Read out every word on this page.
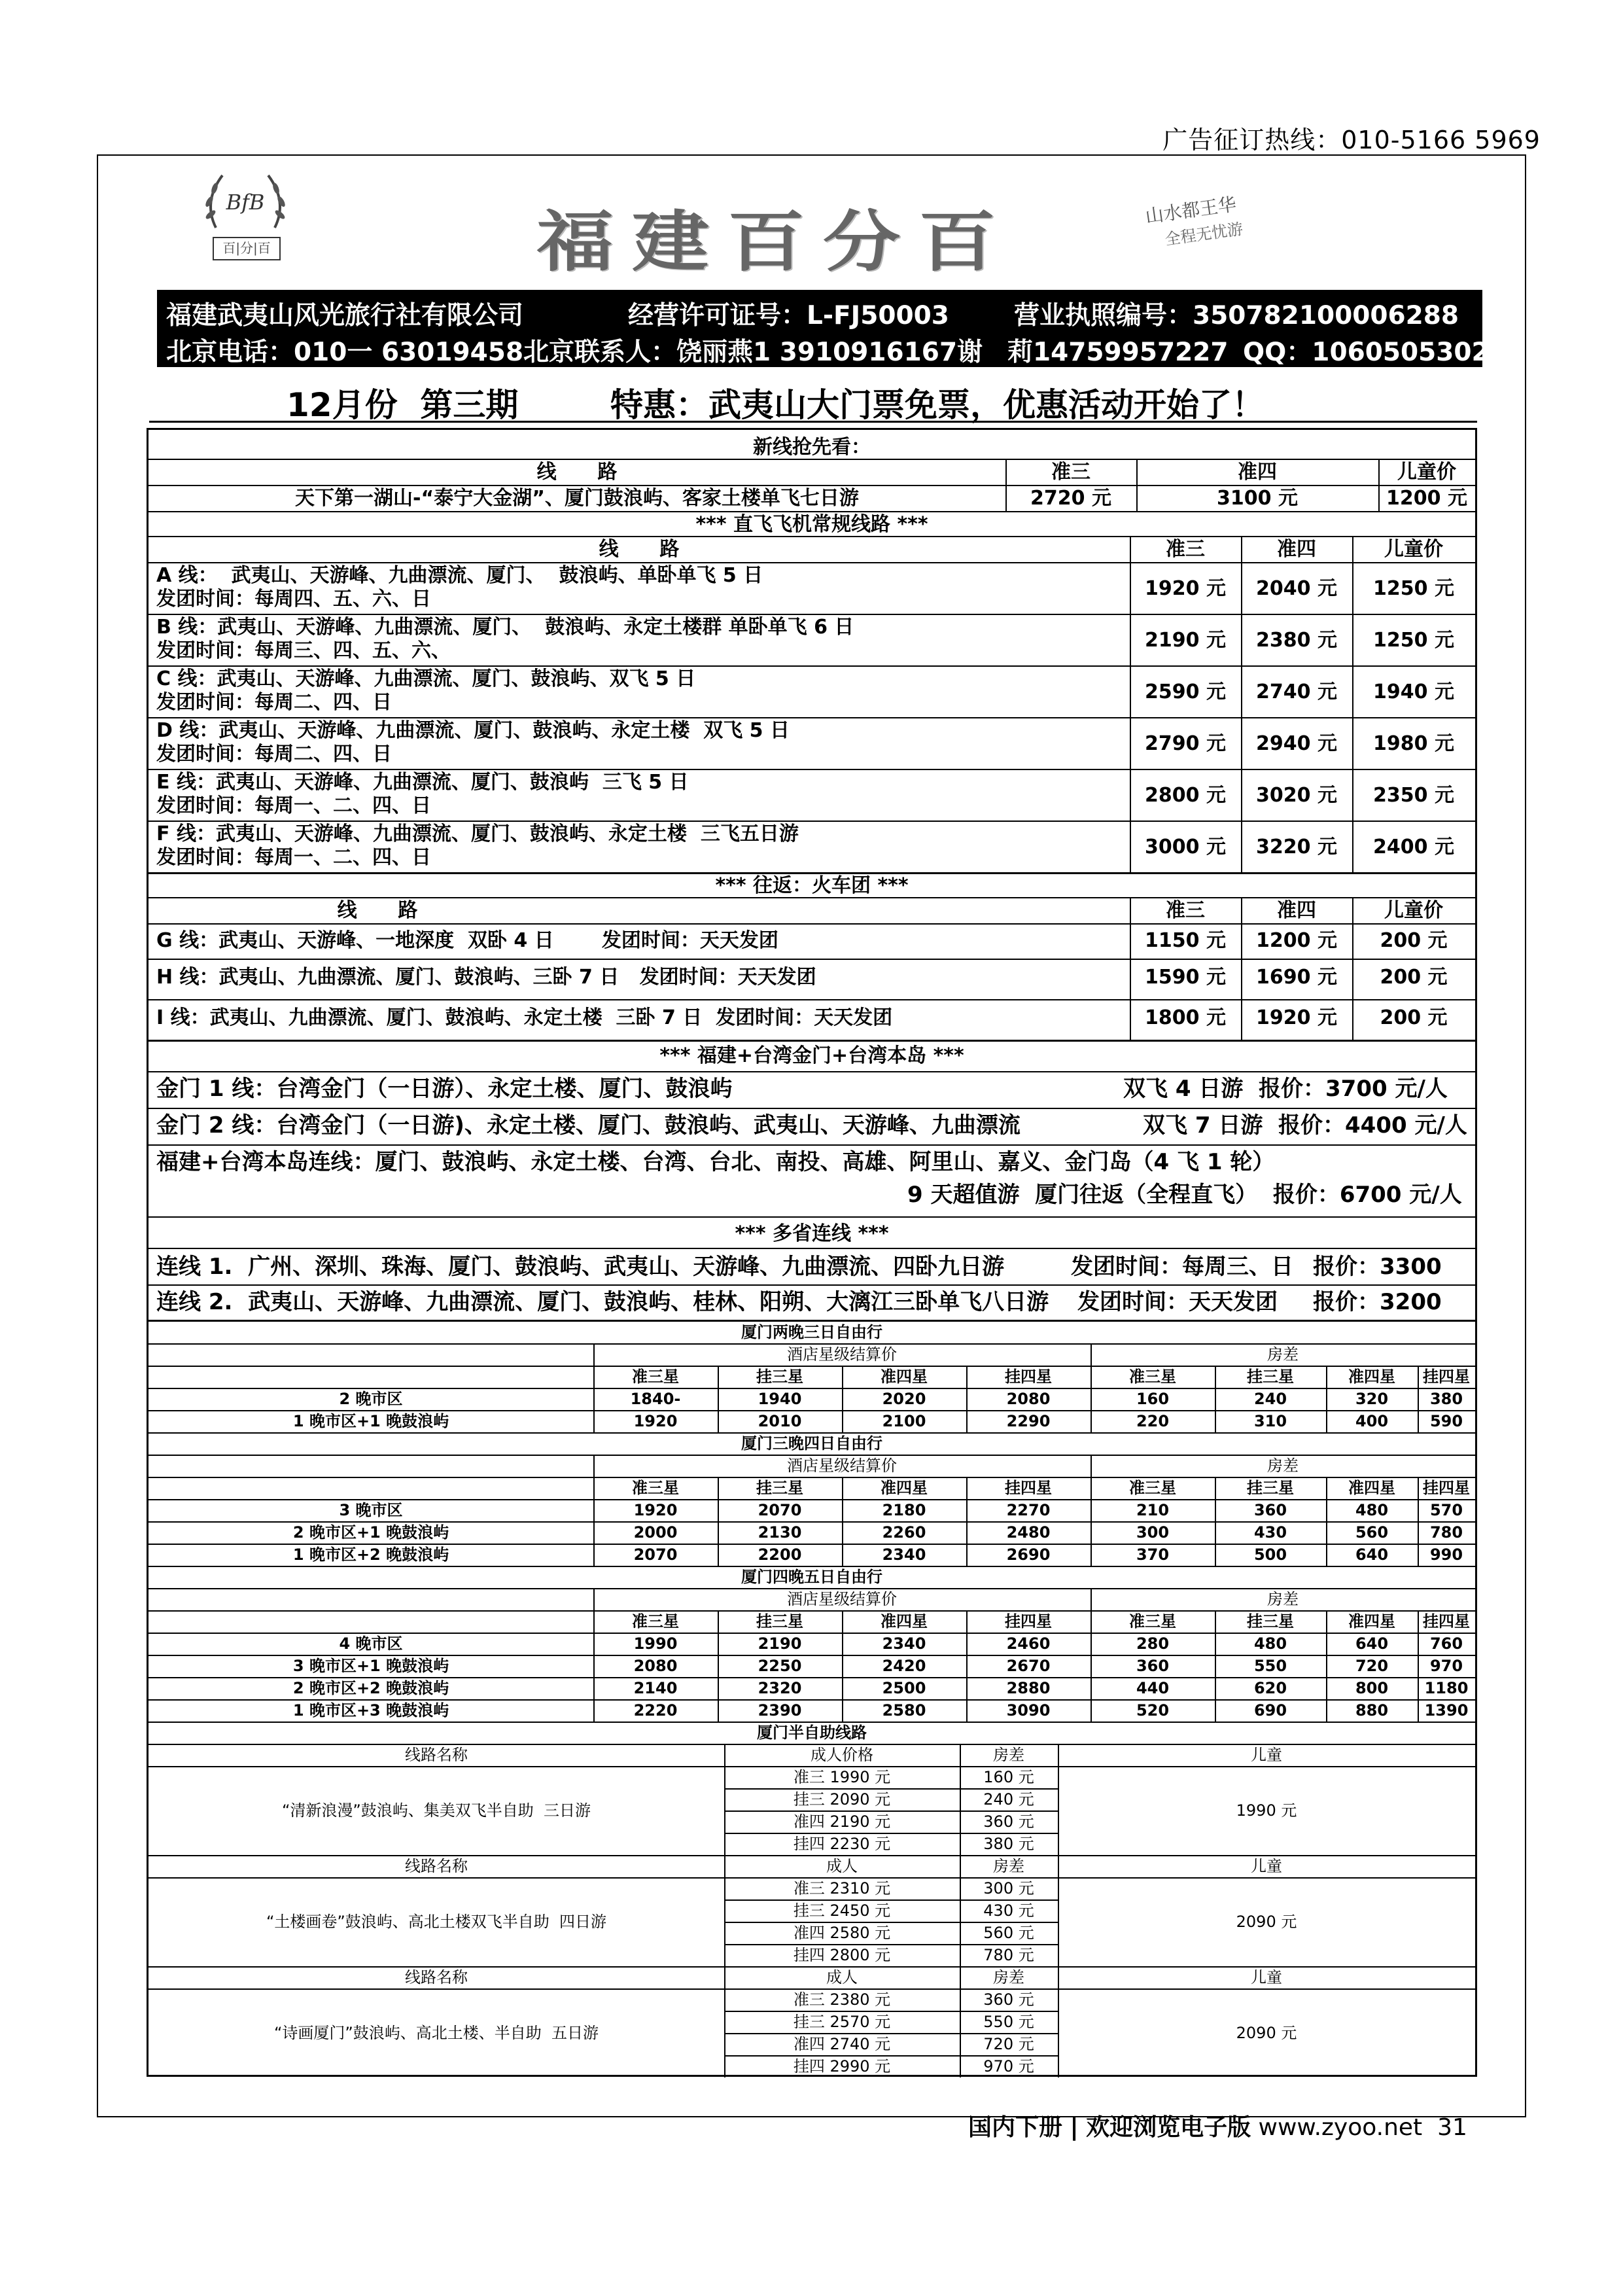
广告征订热线：010-5166 5969
BfB
百|分|百	福建百分百	山水都王华
全程无忧游
福建武夷山风光旅行社有限公司	经营许可证号：L-FJ50003	营业执照编号：350782100006288
北京电话：010一 63019458 北京联系人：饶丽燕1 3910916167谢 莉14759957227 QQ：1060505302

12月份  第三期

	特惠：武夷山大门票免票，优惠活动开始了！

新线抢先看：
线      路	准三	准四	儿童价
天下第一湖山-“泰宁大金湖”、厦门鼓浪屿、客家土楼单飞七日游	2720 元	3100 元	1200 元
*** 直飞飞机常规线路 ***
线      路	准三	准四	儿童价
A 线：  武夷山、天游峰、九曲漂流、厦门、  鼓浪屿、单卧单飞 5 日
发团时间：每周四、五、六、日	1920 元	2040 元	1250 元
B 线：武夷山、天游峰、九曲漂流、厦门、  鼓浪屿、永定土楼群 单卧单飞 6 日
发团时间：每周三、四、五、六、	2190 元	2380 元	1250 元
C 线：武夷山、天游峰、九曲漂流、厦门、鼓浪屿、双飞 5 日
发团时间：每周二、四、日	2590 元	2740 元	1940 元
D 线：武夷山、天游峰、九曲漂流、厦门、鼓浪屿、永定土楼  双飞 5 日
发团时间：每周二、四、日	2790 元	2940 元	1980 元
E 线：武夷山、天游峰、九曲漂流、厦门、鼓浪屿  三飞 5 日
发团时间：每周一、二、四、日	2800 元	3020 元	2350 元
F 线：武夷山、天游峰、九曲漂流、厦门、鼓浪屿、永定土楼  三飞五日游
发团时间：每周一、二、四、日	3000 元	3220 元	2400 元
*** 往返：火车团 ***
线      路	准三	准四	儿童价
G 线：武夷山、天游峰、一地深度  双卧 4 日       发团时间：天天发团	1150 元	1200 元	200 元
H 线：武夷山、九曲漂流、厦门、鼓浪屿、三卧 7 日   发团时间：天天发团	1590 元	1690 元	200 元
I 线：武夷山、九曲漂流、厦门、鼓浪屿、永定土楼  三卧 7 日  发团时间：天天发团	1800 元	1920 元	200 元
*** 福建+台湾金门+台湾本岛 ***
金门 1 线：台湾金门（一日游）、永定土楼、厦门、鼓浪屿	双飞 4 日游  报价：3700 元/人
金门 2 线：台湾金门（一日游)、永定土楼、厦门、鼓浪屿、武夷山、天游峰、九曲漂流	双飞 7 日游  报价：4400 元/人
福建+台湾本岛连线：厦门、鼓浪屿、永定土楼、台湾、台北、南投、高雄、阿里山、嘉义、金门岛（4 飞 1 轮）
9 天超值游  厦门往返（全程直飞）  报价：6700 元/人
*** 多省连线 ***
连线 1.  广州、深圳、珠海、厦门、鼓浪屿、武夷山、天游峰、九曲漂流、四卧九日游	发团时间：每周三、日 报价：3300
连线 2.  武夷山、天游峰、九曲漂流、厦门、鼓浪屿、桂林、阳朔、大漓江三卧单飞八日游 发团时间：天天发团 报价：3200
厦门两晚三日自由行
酒店星级结算价	房差
准三星	挂三星	准四星	挂四星	准三星	挂三星	准四星	挂四星
2 晚市区	1840-	1940	2020	2080	160	240	320	380
1 晚市区+1 晚鼓浪屿	1920	2010	2100	2290	220	310	400	590
厦门三晚四日自由行
酒店星级结算价	房差
准三星	挂三星	准四星	挂四星	准三星	挂三星	准四星	挂四星
3 晚市区	1920	2070	2180	2270	210	360	480	570
2 晚市区+1 晚鼓浪屿	2000	2130	2260	2480	300	430	560	780
1 晚市区+2 晚鼓浪屿	2070	2200	2340	2690	370	500	640	990
厦门四晚五日自由行
酒店星级结算价	房差
准三星	挂三星	准四星	挂四星	准三星	挂三星	准四星	挂四星
4 晚市区	1990	2190	2340	2460	280	480	640	760
3 晚市区+1 晚鼓浪屿	2080	2250	2420	2670	360	550	720	970
2 晚市区+2 晚鼓浪屿	2140	2320	2500	2880	440	620	800	1180
1 晚市区+3 晚鼓浪屿	2220	2390	2580	3090	520	690	880	1390
厦门半自助线路
线路名称	成人价格	房差	儿童
准三 1990 元	160 元
挂三 2090 元	240 元
准四 2190 元	360 元
挂四 2230 元	380 元
“清新浪漫”鼓浪屿、集美双飞半自助  三日游	1990 元
线路名称	成人	房差	儿童
准三 2310 元	300 元
挂三 2450 元	430 元
准四 2580 元	560 元
挂四 2800 元	780 元
“土楼画卷”鼓浪屿、高北土楼双飞半自助  四日游	2090 元
线路名称	成人	房差	儿童
准三 2380 元	360 元
挂三 2570 元	550 元
准四 2740 元	720 元
挂四 2990 元	970 元
“诗画厦门”鼓浪屿、高北土楼、半自助  五日游	2090 元
国内下册 | 欢迎浏览电子版 www.zyoo.net 31
